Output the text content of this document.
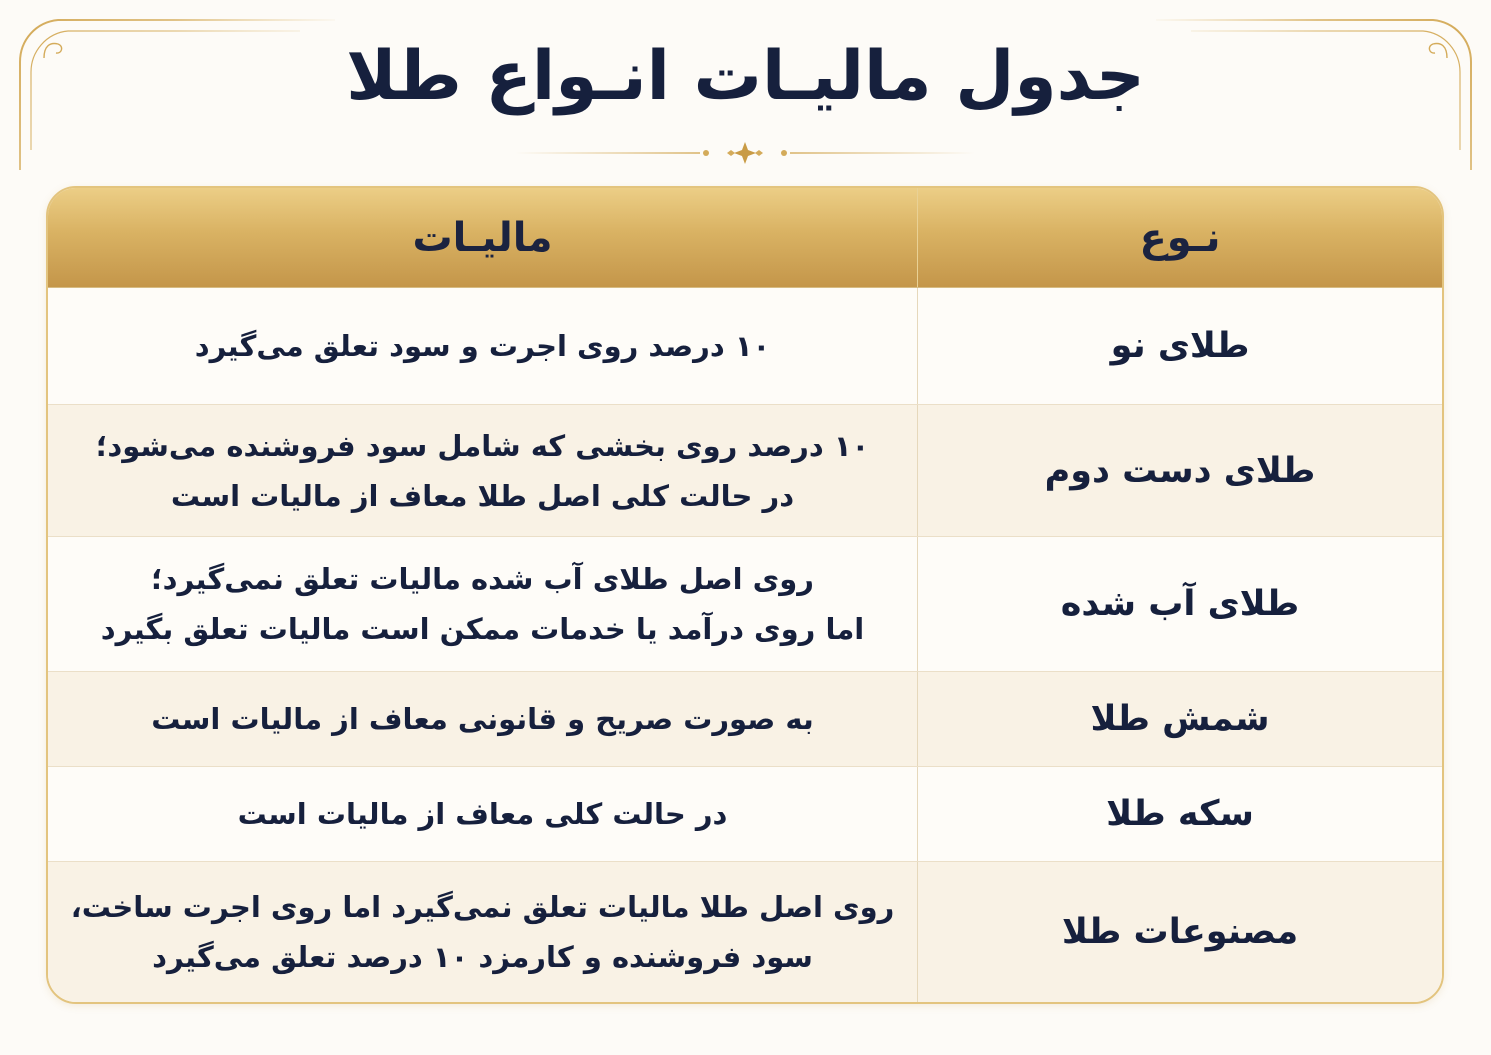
جدول مالیـات انـواع طلا
نـوع
مالیـات
طلای نو
۱۰ درصد روی اجرت و سود تعلق می‌گیرد
طلای دست دوم
۱۰ درصد روی بخشی که شامل سود فروشنده می‌شود؛
در حالت کلی اصل طلا معاف از مالیات است
طلای آب شده
روی اصل طلای آب شده مالیات تعلق نمی‌گیرد؛
اما روی درآمد یا خدمات ممکن است مالیات تعلق بگیرد
شمش طلا
به صورت صریح و قانونی معاف از مالیات است
سکه طلا
در حالت کلی معاف از مالیات است
مصنوعات طلا
روی اصل طلا مالیات تعلق نمی‌گیرد اما روی اجرت ساخت،
سود فروشنده و کارمزد ۱۰ درصد تعلق می‌گیرد
